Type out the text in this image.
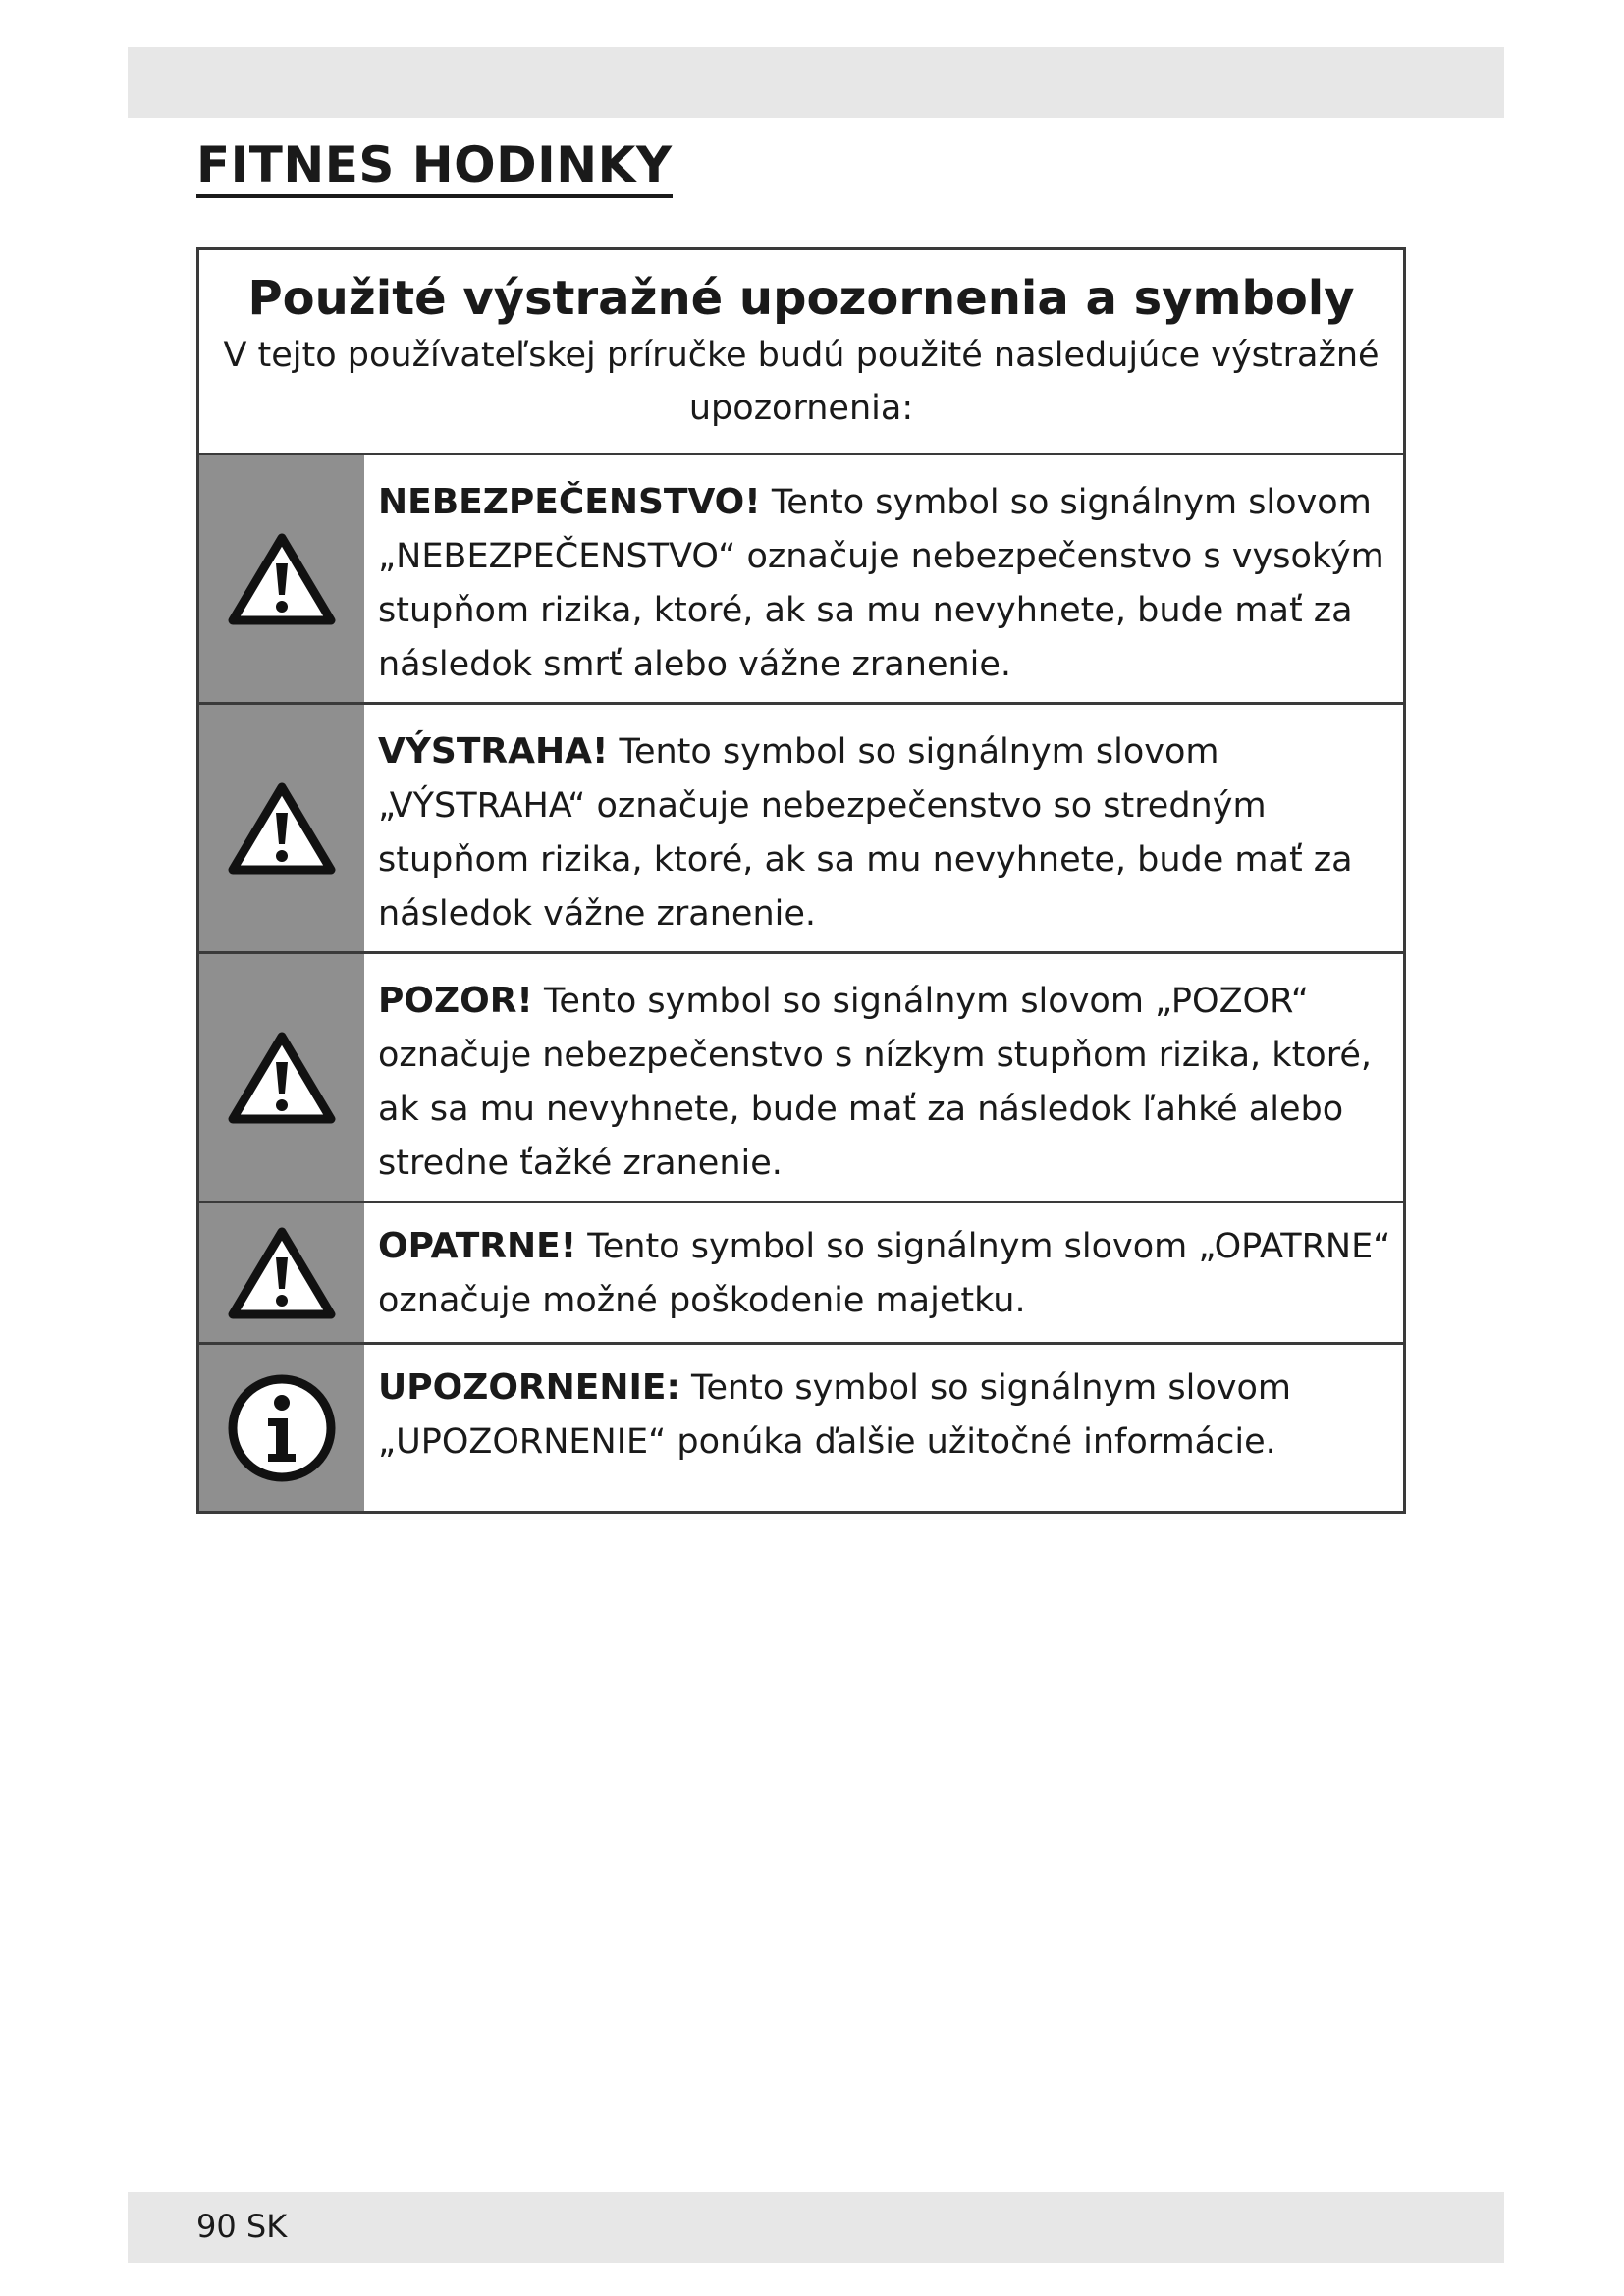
FITNES HODINKY

Použité výstražné upozornenia a symboly

V tejto používateľskej príručke budú použité nasledujúce výstražné upozornenia:

NEBEZPEČENSTVO! Tento symbol so signálnym slovom „NEBEZPEČENSTVO“ označuje nebezpečenstvo s vysokým stupňom rizika, ktoré, ak sa mu nevyhnete, bude mať za následok smrť alebo vážne zranenie.
VÝSTRAHA! Tento symbol so signálnym slovom „VÝSTRAHA“ označuje nebezpečenstvo so stredným stupňom rizika, ktoré, ak sa mu nevyhnete, bude mať za následok vážne zranenie.
POZOR! Tento symbol so signálnym slovom „POZOR“ označuje nebezpečenstvo s nízkym stupňom rizika, ktoré, ak sa mu nevyhnete, bude mať za následok ľahké alebo stredne ťažké zranenie.
OPATRNE! Tento symbol so signálnym slovom „OPATRNE“ označuje možné poškodenie majetku.
UPOZORNENIE: Tento symbol so signálnym slovom „UPOZORNENIE“ ponúka ďalšie užitočné informácie.
90 SK
